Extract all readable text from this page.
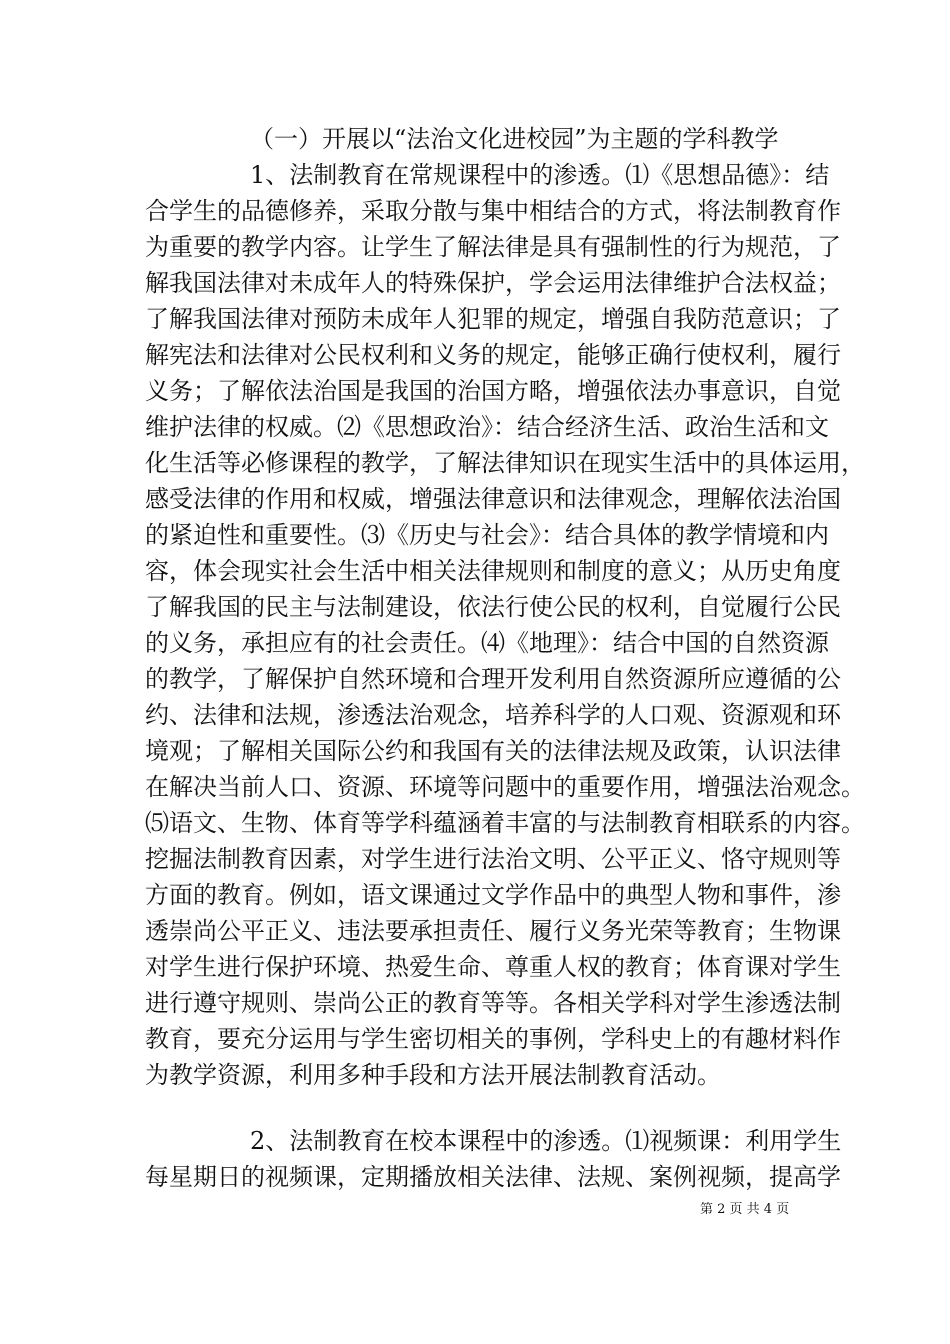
（一）开展以“法治文化进校园”为主题的学科教学
1、法制教育在常规课程中的渗透。⑴《思想品德》：结
合学生的品德修养，采取分散与集中相结合的方式，将法制教育作
为重要的教学内容。让学生了解法律是具有强制性的行为规范，了
解我国法律对未成年人的特殊保护，学会运用法律维护合法权益；
了解我国法律对预防未成年人犯罪的规定，增强自我防范意识；了
解宪法和法律对公民权利和义务的规定，能够正确行使权利，履行
义务；了解依法治国是我国的治国方略，增强依法办事意识，自觉
维护法律的权威。⑵《思想政治》：结合经济生活、政治生活和文
化生活等必修课程的教学，了解法律知识在现实生活中的具体运用，
感受法律的作用和权威，增强法律意识和法律观念，理解依法治国
的紧迫性和重要性。⑶《历史与社会》：结合具体的教学情境和内
容，体会现实社会生活中相关法律规则和制度的意义；从历史角度
了解我国的民主与法制建设，依法行使公民的权利，自觉履行公民
的义务，承担应有的社会责任。⑷《地理》：结合中国的自然资源
的教学，了解保护自然环境和合理开发利用自然资源所应遵循的公
约、法律和法规，渗透法治观念，培养科学的人口观、资源观和环
境观；了解相关国际公约和我国有关的法律法规及政策，认识法律
在解决当前人口、资源、环境等问题中的重要作用，增强法治观念。
⑸语文、生物、体育等学科蕴涵着丰富的与法制教育相联系的内容。
挖掘法制教育因素，对学生进行法治文明、公平正义、恪守规则等
方面的教育。例如，语文课通过文学作品中的典型人物和事件，渗
透崇尚公平正义、违法要承担责任、履行义务光荣等教育；生物课
对学生进行保护环境、热爱生命、尊重人权的教育；体育课对学生
进行遵守规则、崇尚公正的教育等等。各相关学科对学生渗透法制
教育，要充分运用与学生密切相关的事例，学科史上的有趣材料作
为教学资源，利用多种手段和方法开展法制教育活动。
2、法制教育在校本课程中的渗透。⑴视频课：利用学生
每星期日的视频课，定期播放相关法律、法规、案例视频，提高学
第 2 页 共 4 页
